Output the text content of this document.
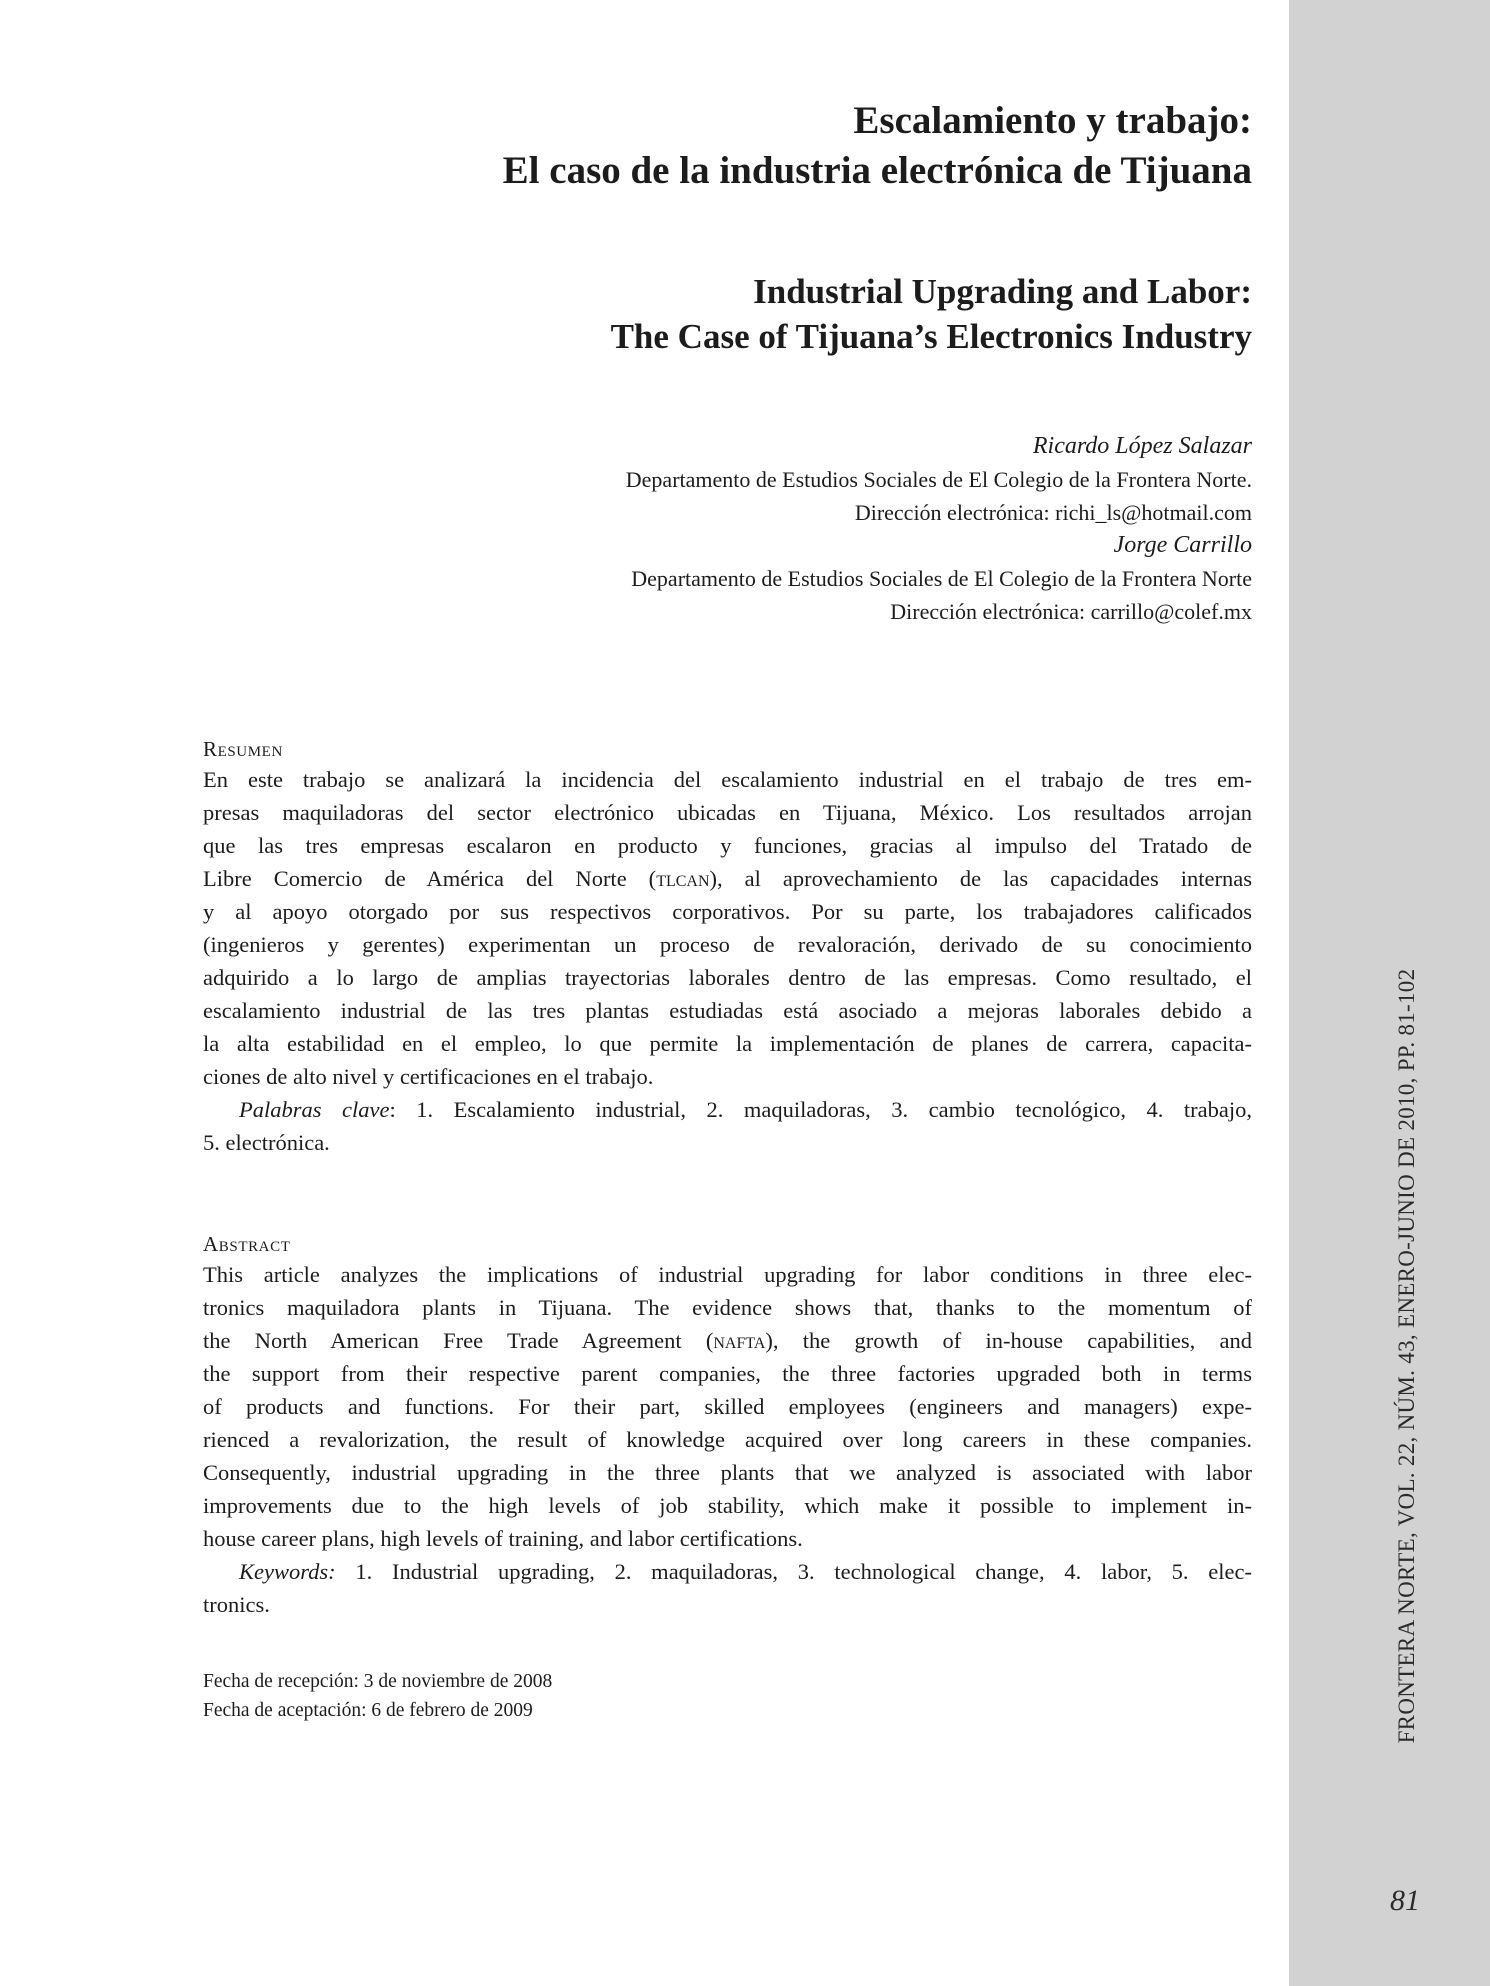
FRONTERA NORTE, VOL. 22, NÚM. 43, ENERO-JUNIO DE 2010, PP. 81-102
81
Escalamiento y trabajo:
El caso de la industria electrónica de Tijuana
Industrial Upgrading and Labor:
The Case of Tijuana’s Electronics Industry
Ricardo López Salazar
Departamento de Estudios Sociales de El Colegio de la Frontera Norte.
Dirección electrónica: richi_ls@hotmail.com
Jorge Carrillo
Departamento de Estudios Sociales de El Colegio de la Frontera Norte
Dirección electrónica: carrillo@colef.mx
Resumen
En este trabajo se analizará la incidencia del escalamiento industrial en el trabajo de tres em-
presas maquiladoras del sector electrónico ubicadas en Tijuana, México. Los resultados arrojan
que las tres empresas escalaron en producto y funciones, gracias al impulso del Tratado de
Libre Comercio de América del Norte (tlcan), al aprovechamiento de las capacidades internas
y al apoyo otorgado por sus respectivos corporativos. Por su parte, los trabajadores calificados
(ingenieros y gerentes) experimentan un proceso de revaloración, derivado de su conocimiento
adquirido a lo largo de amplias trayectorias laborales dentro de las empresas. Como resultado, el
escalamiento industrial de las tres plantas estudiadas está asociado a mejoras laborales debido a
la alta estabilidad en el empleo, lo que permite la implementación de planes de carrera, capacita-
ciones de alto nivel y certificaciones en el trabajo.
Palabras clave: 1. Escalamiento industrial, 2. maquiladoras, 3. cambio tecnológico, 4. trabajo,
5. electrónica.
Abstract
This article analyzes the implications of industrial upgrading for labor conditions in three elec-
tronics maquiladora plants in Tijuana. The evidence shows that, thanks to the momentum of
the North American Free Trade Agreement (nafta), the growth of in-house capabilities, and
the support from their respective parent companies, the three factories upgraded both in terms
of products and functions. For their part, skilled employees (engineers and managers) expe-
rienced a revalorization, the result of knowledge acquired over long careers in these companies.
Consequently, industrial upgrading in the three plants that we analyzed is associated with labor
improvements due to the high levels of job stability, which make it possible to implement in-
house career plans, high levels of training, and labor certifications.
Keywords: 1. Industrial upgrading, 2. maquiladoras, 3. technological change, 4. labor, 5. elec-
tronics.
Fecha de recepción: 3 de noviembre de 2008
Fecha de aceptación: 6 de febrero de 2009
